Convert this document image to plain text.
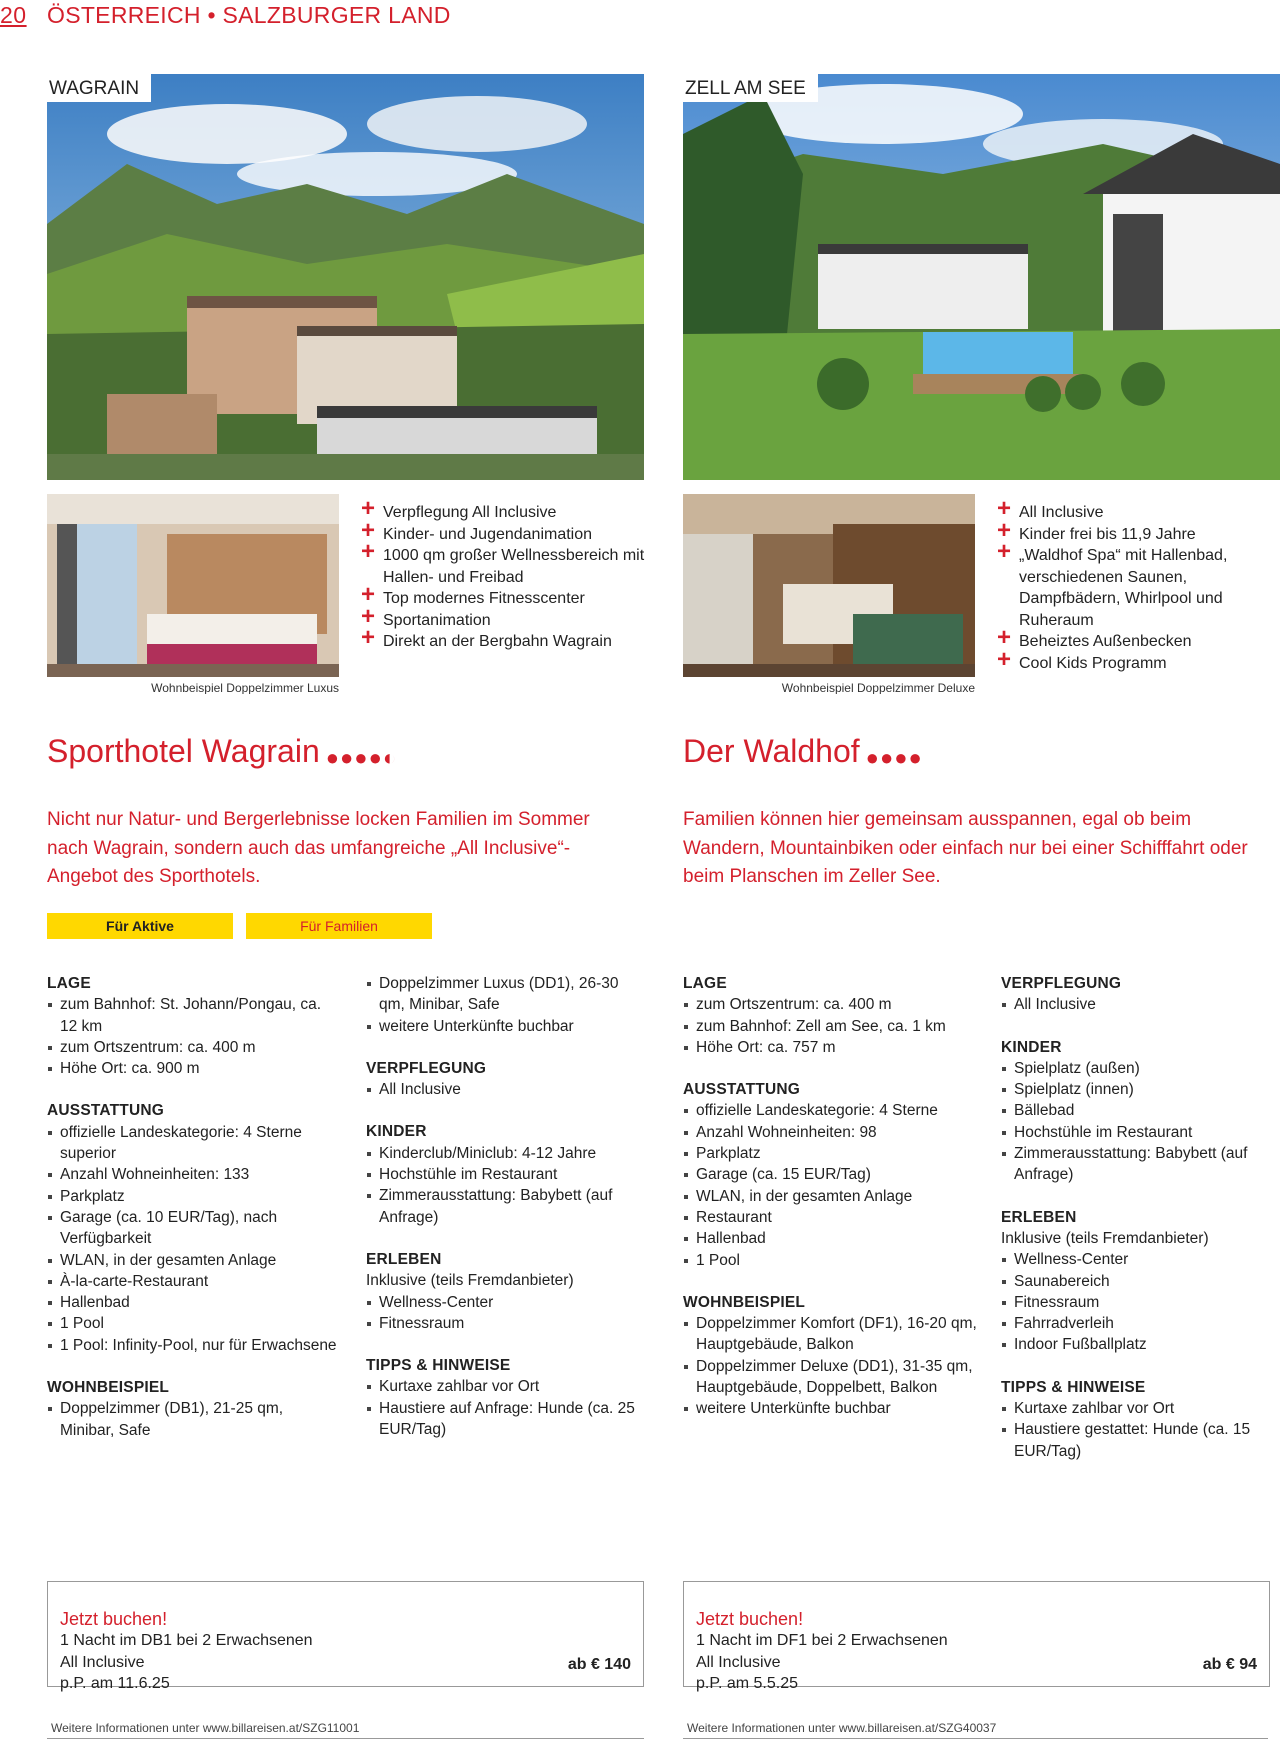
20 ÖSTERREICH • SALZBURGER LAND
WAGRAIN
Wohnbeispiel Doppelzimmer Luxus
+ Verpflegung All Inclusive
+ Kinder- und Jugendanimation
+ 1000 qm großer Wellnessbereich mit Hallen- und Freibad
+ Top modernes Fitnesscenter
+ Sportanimation
+ Direkt an der Bergbahn Wagrain
Sporthotel Wagrain ●●●●◐
Nicht nur Natur- und Bergerlebnisse locken Familien im Sommer nach Wagrain, sondern auch das umfangreiche „All Inclusive“-Angebot des Sporthotels.
Für Aktive	Für Familien
LAGE
zum Bahnhof: St. Johann/Pongau, ca. 12 km
zum Ortszentrum: ca. 400 m
Höhe Ort: ca. 900 m
AUSSTATTUNG
offizielle Landeskategorie: 4 Sterne superior
Anzahl Wohneinheiten: 133
Parkplatz
Garage (ca. 10 EUR/Tag), nach Verfügbarkeit
WLAN, in der gesamten Anlage
À-la-carte-Restaurant
Hallenbad
1 Pool
1 Pool: Infinity-Pool, nur für Erwachsene
WOHNBEISPIEL
Doppelzimmer (DB1), 21-25 qm, Minibar, Safe
Doppelzimmer Luxus (DD1), 26-30 qm, Minibar, Safe
weitere Unterkünfte buchbar
VERPFLEGUNG
All Inclusive
KINDER
Kinderclub/Miniclub: 4-12 Jahre
Hochstühle im Restaurant
Zimmerausstattung: Babybett (auf Anfrage)
ERLEBEN

Inklusive (teils Fremdanbieter)

Wellness-Center
Fitnessraum
TIPPS & HINWEISE
Kurtaxe zahlbar vor Ort
Haustiere auf Anfrage: Hunde (ca. 25 EUR/Tag)

Jetzt buchen!

1 Nacht im DB1 bei 2 Erwachsenen
All Inclusive
p.P. am 11.6.25
ab € 140
Weitere Informationen unter www.billareisen.at/SZG11001
ZELL AM SEE
Wohnbeispiel Doppelzimmer Deluxe
+ All Inclusive
+ Kinder frei bis 11,9 Jahre
+ „Waldhof Spa“ mit Hallenbad, verschiedenen Saunen, Dampfbädern, Whirlpool und Ruheraum
+ Beheiztes Außenbecken
+ Cool Kids Programm
Der Waldhof ●●●●
Familien können hier gemeinsam ausspannen, egal ob beim Wandern, Mountainbiken oder einfach nur bei einer Schifffahrt oder beim Planschen im Zeller See.
LAGE
zum Ortszentrum: ca. 400 m
zum Bahnhof: Zell am See, ca. 1 km
Höhe Ort: ca. 757 m
AUSSTATTUNG
offizielle Landeskategorie: 4 Sterne
Anzahl Wohneinheiten: 98
Parkplatz
Garage (ca. 15 EUR/Tag)
WLAN, in der gesamten Anlage
Restaurant
Hallenbad
1 Pool
WOHNBEISPIEL
Doppelzimmer Komfort (DF1), 16-20 qm, Hauptgebäude, Balkon
Doppelzimmer Deluxe (DD1), 31-35 qm, Hauptgebäude, Doppelbett, Balkon
weitere Unterkünfte buchbar
VERPFLEGUNG
All Inclusive
KINDER
Spielplatz (außen)
Spielplatz (innen)
Bällebad
Hochstühle im Restaurant
Zimmerausstattung: Babybett (auf Anfrage)
ERLEBEN

Inklusive (teils Fremdanbieter)

Wellness-Center
Saunabereich
Fitnessraum
Fahrradverleih
Indoor Fußballplatz
TIPPS & HINWEISE
Kurtaxe zahlbar vor Ort
Haustiere gestattet: Hunde (ca. 15 EUR/Tag)

Jetzt buchen!

1 Nacht im DF1 bei 2 Erwachsenen
All Inclusive
p.P. am 5.5.25
ab € 94
Weitere Informationen unter www.billareisen.at/SZG40037
